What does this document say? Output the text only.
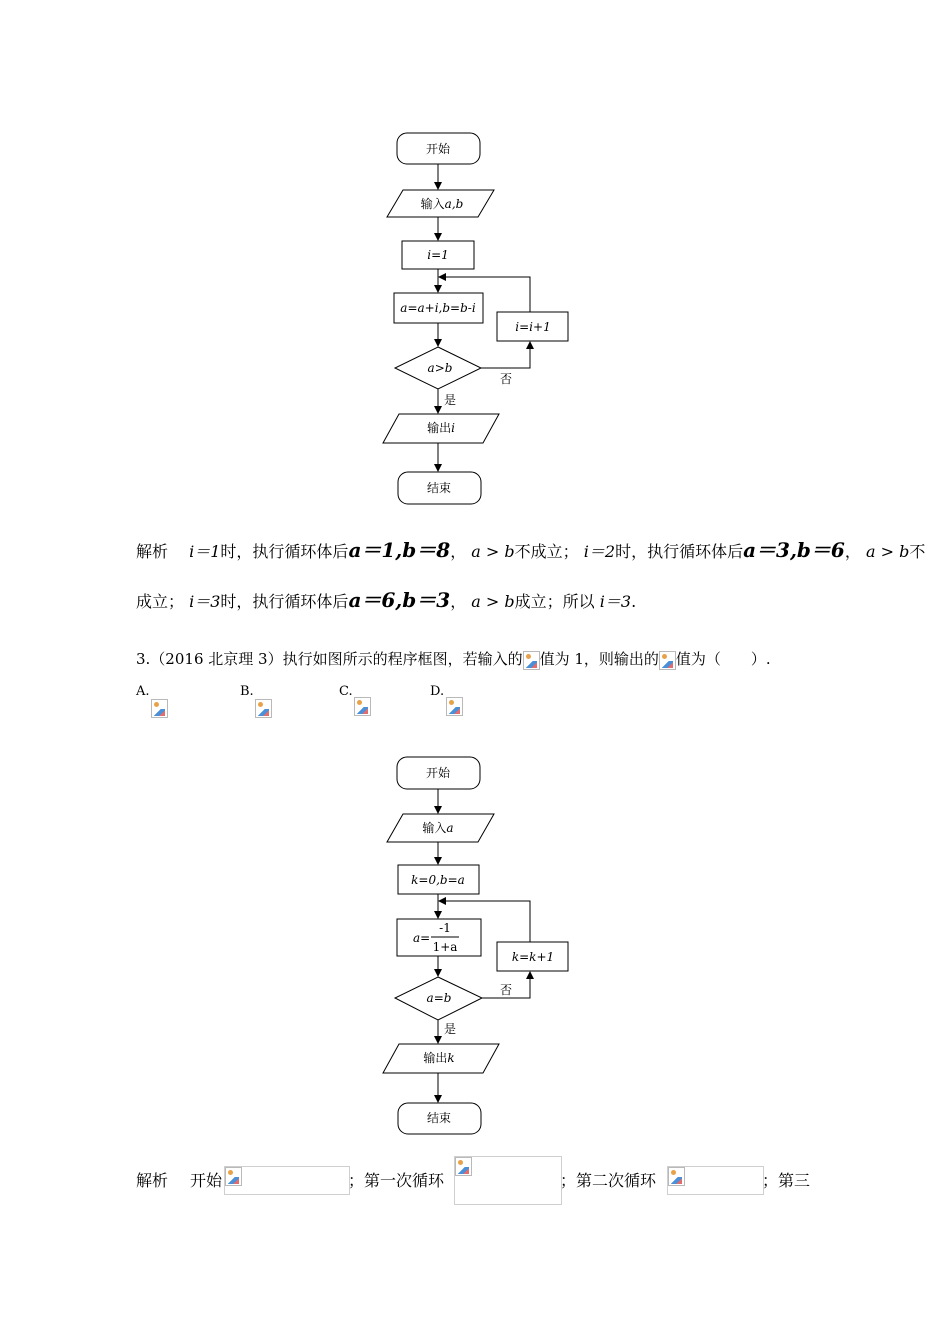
开始
输入a,b
i=1
a=a+i,b=b-i
a>b
否
是
输出i
结束
i=i+1
解析 i＝1时，执行循环体后a＝1,b＝8， a > b不成立； i＝2时，执行循环体后a＝3,b＝6， a > b不
成立； i＝3时，执行循环体后a＝6,b＝3， a > b成立；所以 i＝3.
3.（2016 北京理 3）执行如图所示的程序框图，若输入的 值为 1，则输出的 值为（　　）.
A.	B.	C.	D.
开始
输入a
k=0,b=a
a=
-1
1+a
a=b
否
是
输出k
结束
k=k+1
解析 开始	；第一次循环	；第二次循环	；第三
